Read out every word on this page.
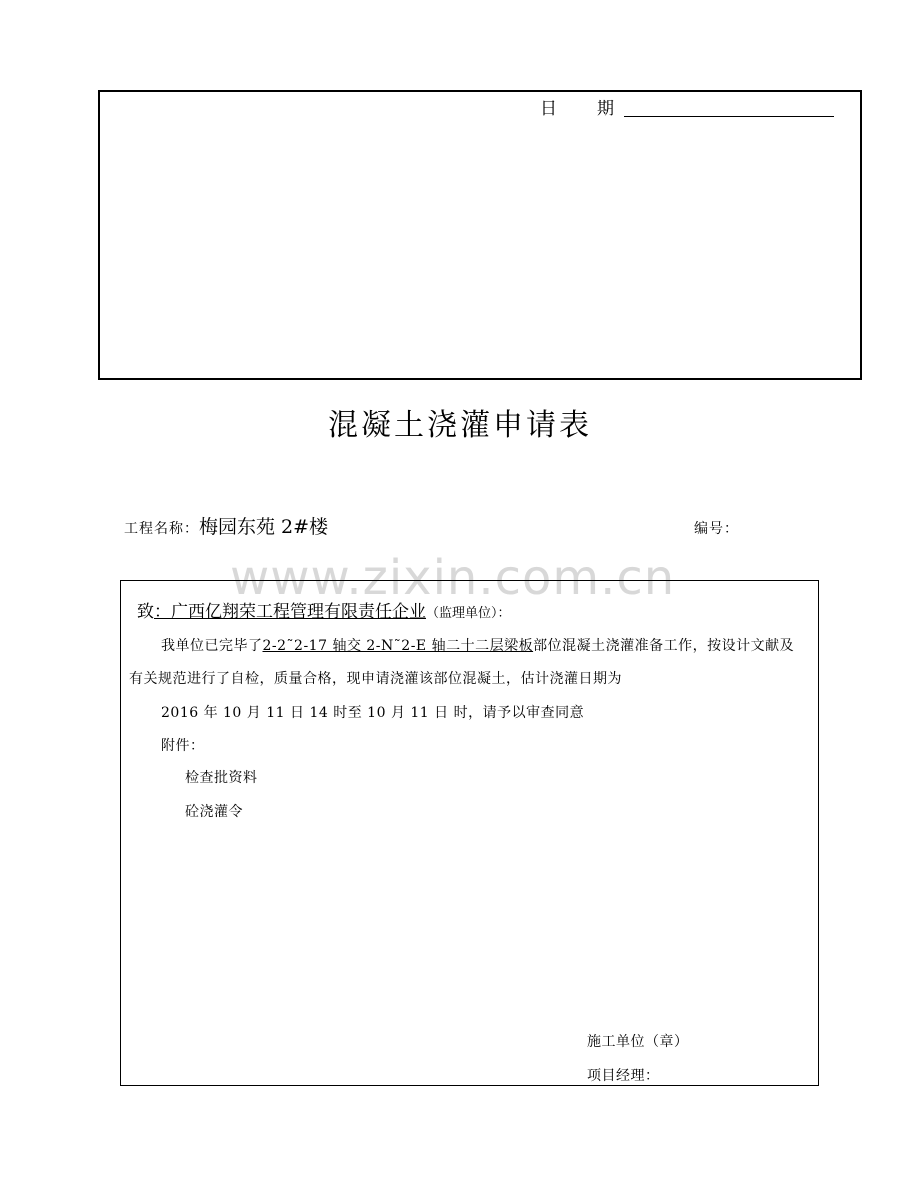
日 期
混凝土浇灌申请表
工程名称：梅园东苑 2#楼	编号：
www.zixin.com.cn
致：广西亿翔荣工程管理有限责任企业（监理单位）：
我单位已完毕了2-2˜2-17 轴交 2-N˜2-E 轴二十二层梁板部位混凝土浇灌准备工作，按设计文献及
有关规范进行了自检，质量合格，现申请浇灌该部位混凝土，估计浇灌日期为
2016 年 10 月 11 日 14 时至 10 月 11 日 时，请予以审查同意
附件：
检查批资料
砼浇灌令
施工单位（章）
项目经理：
